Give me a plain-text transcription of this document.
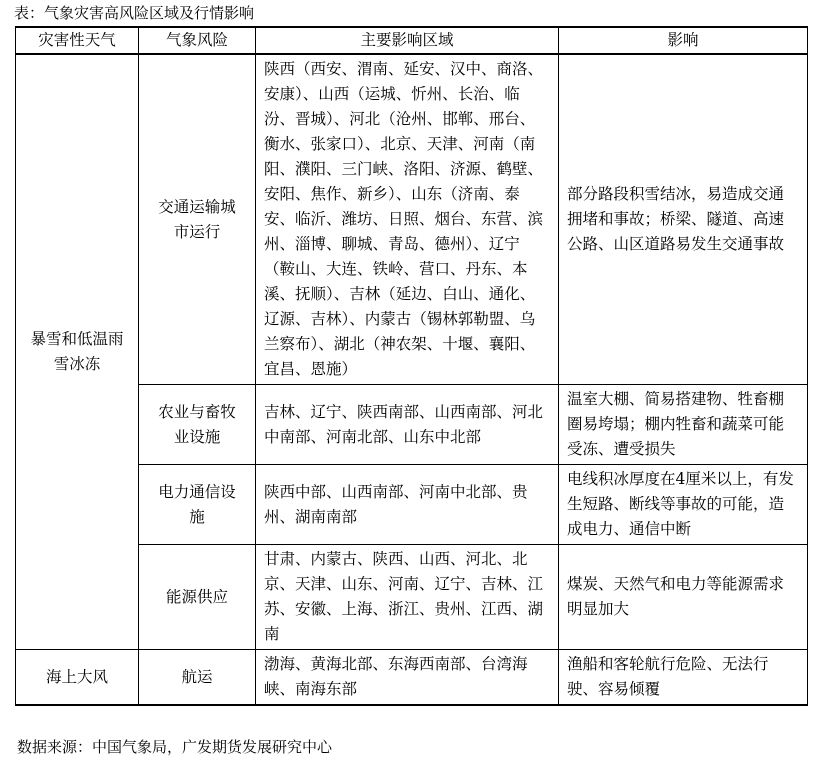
表：气象灾害高风险区域及行情影响
灾害性天气	气象风险	主要影响区域	影响
暴雪和低温雨雪冰冻	交通运输城市运行	陕西（西安、渭南、延安、汉中、商洛、安康）、山西（运城、忻州、长治、临汾、晋城）、河北（沧州、邯郸、邢台、衡水、张家口）、北京、天津、河南（南阳、濮阳、三门峡、洛阳、济源、鹤壁、安阳、焦作、新乡）、山东（济南、泰安、临沂、潍坊、日照、烟台、东营、滨州、淄博、聊城、青岛、德州）、辽宁（鞍山、大连、铁岭、营口、丹东、本溪、抚顺）、吉林（延边、白山、通化、辽源、吉林）、内蒙古（锡林郭勒盟、乌兰察布）、湖北（神农架、十堰、襄阳、宜昌、恩施）	部分路段积雪结冰，易造成交通拥堵和事故；桥梁、隧道、高速公路、山区道路易发生交通事故
	农业与畜牧业设施	吉林、辽宁、陕西南部、山西南部、河北中南部、河南北部、山东中北部	温室大棚、简易搭建物、牲畜棚圈易垮塌；棚内牲畜和蔬菜可能受冻、遭受损失
	电力通信设施	陕西中部、山西南部、河南中北部、贵州、湖南南部	电线积冰厚度在4厘米以上，有发生短路、断线等事故的可能，造成电力、通信中断
	能源供应	甘肃、内蒙古、陕西、山西、河北、北京、天津、山东、河南、辽宁、吉林、江苏、安徽、上海、浙江、贵州、江西、湖南	煤炭、天然气和电力等能源需求明显加大
海上大风	航运	渤海、黄海北部、东海西南部、台湾海峡、南海东部	渔船和客轮航行危险、无法行驶、容易倾覆
数据来源：中国气象局，广发期货发展研究中心
